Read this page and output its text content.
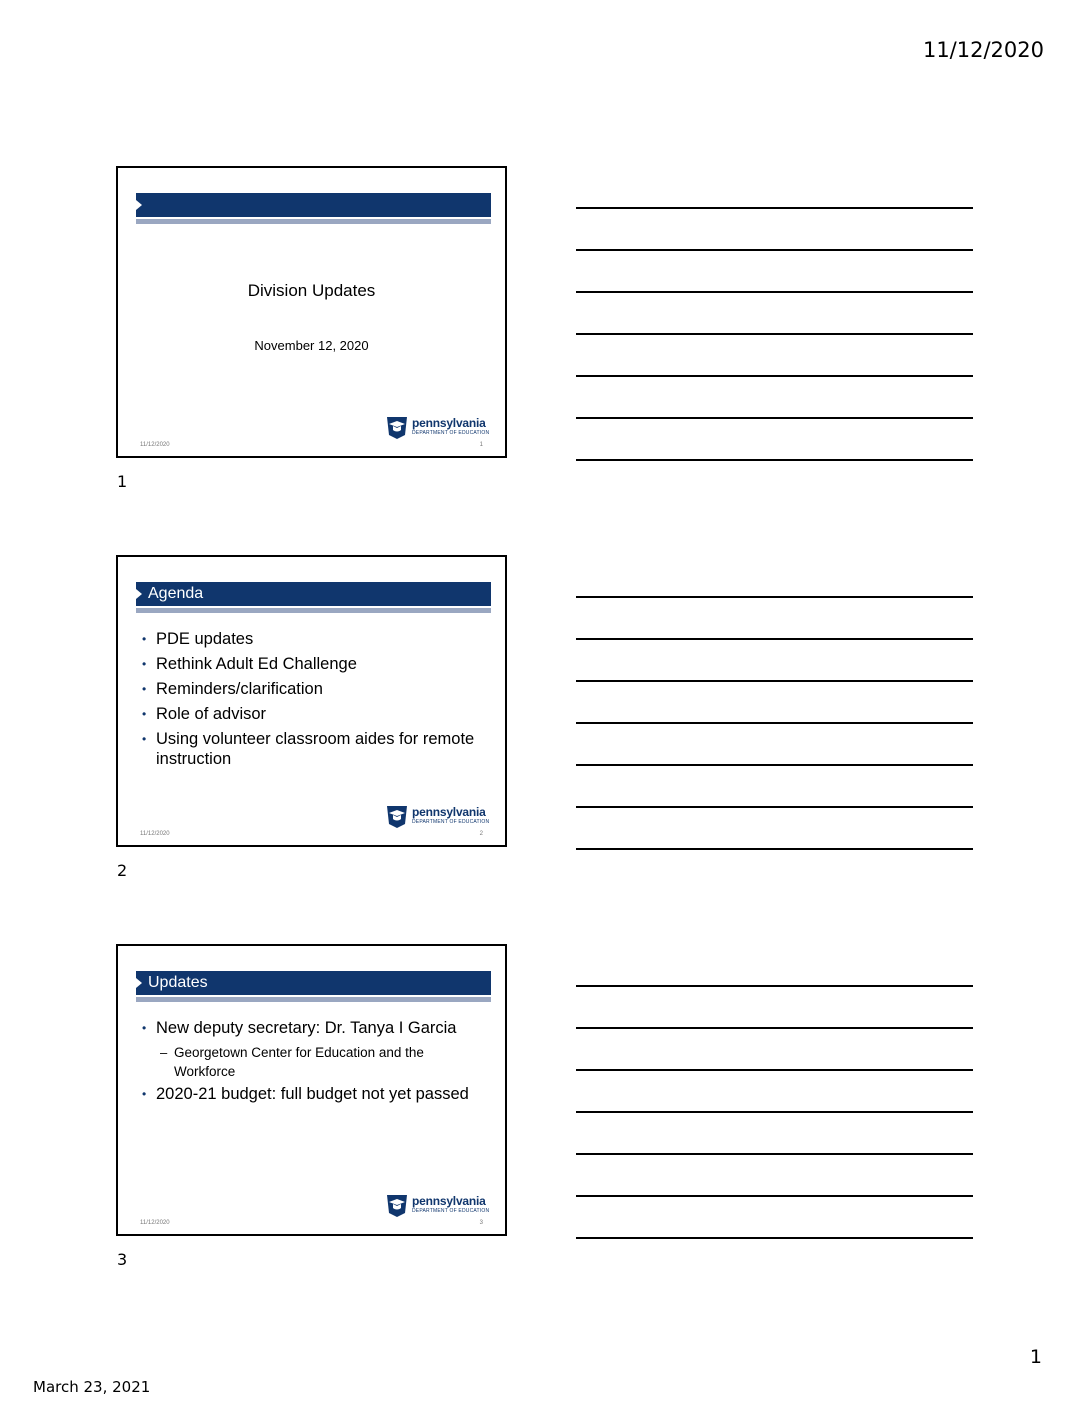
11/12/2020
Division Updates
November 12, 2020
pennsylvania
DEPARTMENT OF EDUCATION
11/12/2020	1
1
Agenda
• PDE updates
• Rethink Adult Ed Challenge
• Reminders/clarification
• Role of advisor
• Using volunteer classroom aides for remote instruction
pennsylvania
DEPARTMENT OF EDUCATION
11/12/2020	2
2
Updates
• New deputy secretary: Dr. Tanya I Garcia
– Georgetown Center for Education and the Workforce
• 2020-21 budget: full budget not yet passed
pennsylvania
DEPARTMENT OF EDUCATION
11/12/2020	3
3
1
March 23, 2021
